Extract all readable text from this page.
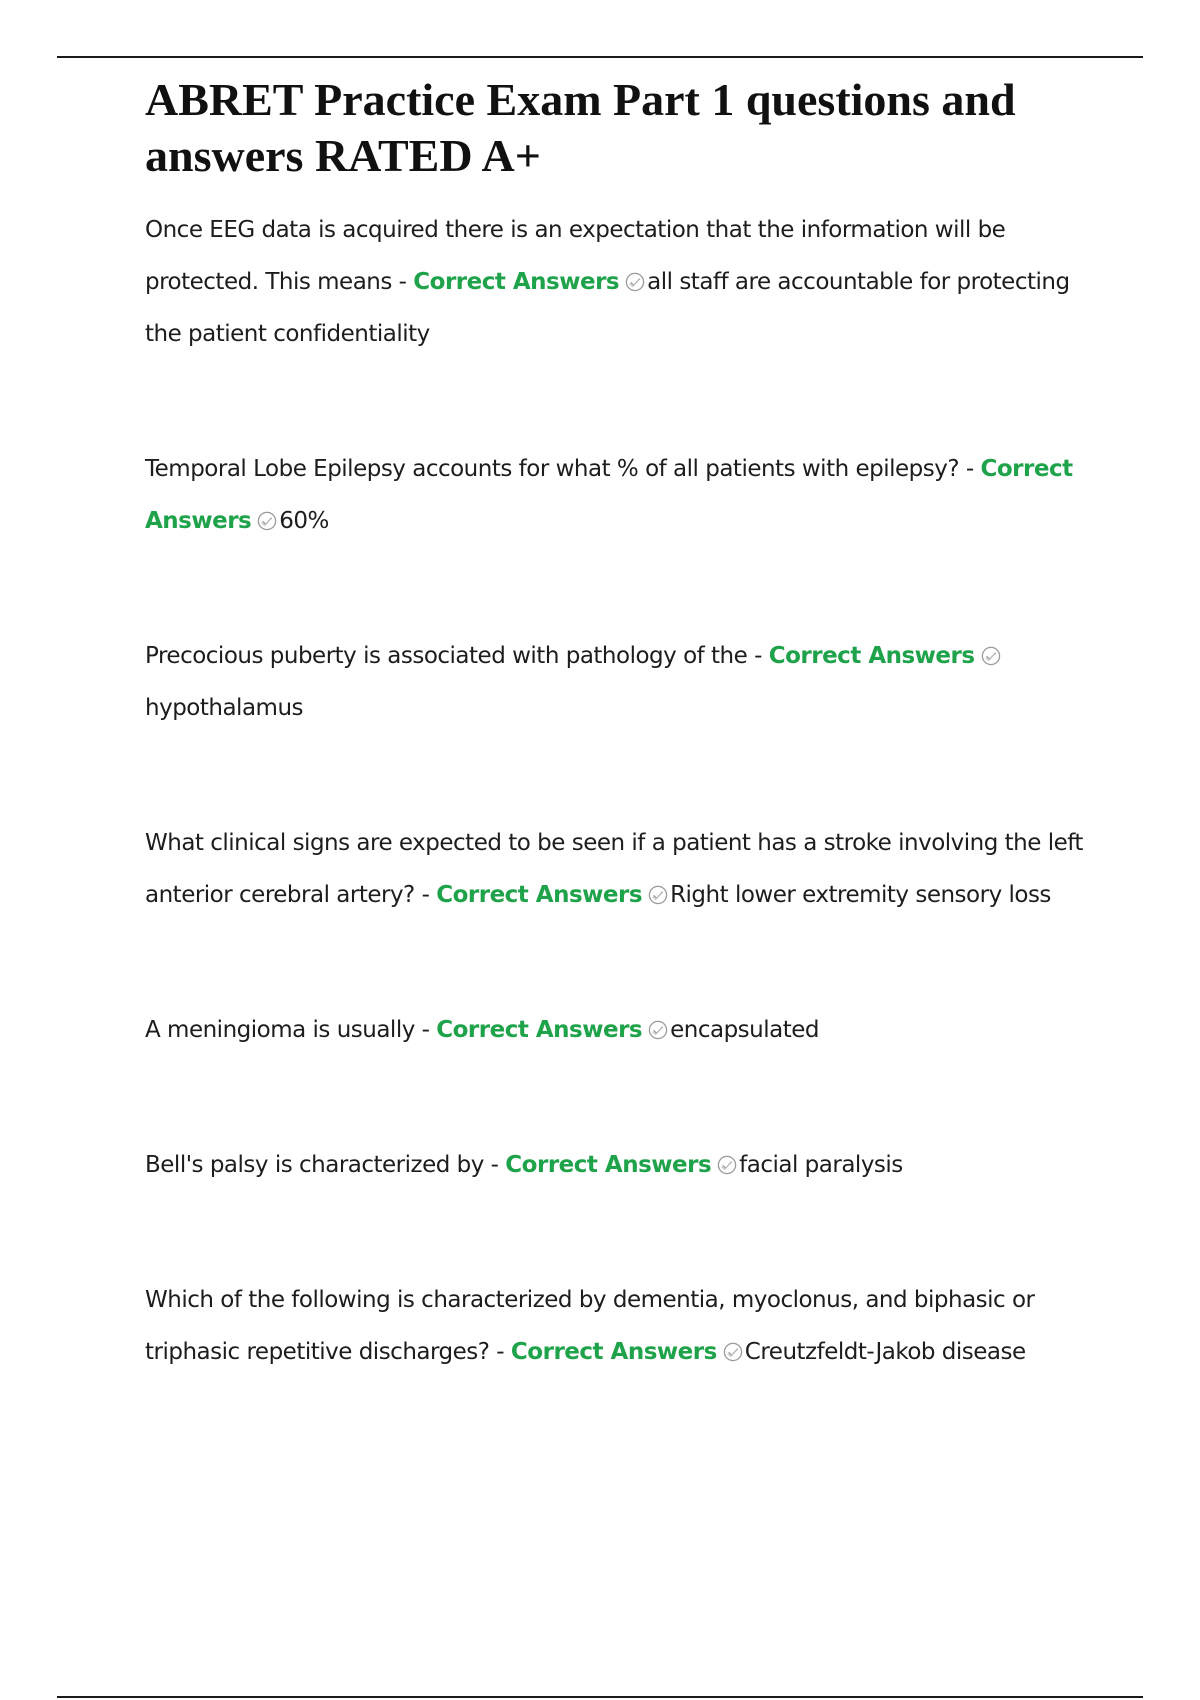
ABRET Practice Exam Part 1 questions and answers RATED A+
Once EEG data is acquired there is an expectation that the information will be protected. This means - Correct Answers all staff are accountable for protecting the patient confidentiality
Temporal Lobe Epilepsy accounts for what % of all patients with epilepsy? - Correct Answers 60%
Precocious puberty is associated with pathology of the - Correct Answers
hypothalamus
What clinical signs are expected to be seen if a patient has a stroke involving the left anterior cerebral artery? - Correct Answers Right lower extremity sensory loss
A meningioma is usually - Correct Answers encapsulated
Bell's palsy is characterized by - Correct Answers facial paralysis
Which of the following is characterized by dementia, myoclonus, and biphasic or triphasic repetitive discharges? - Correct Answers Creutzfeldt-Jakob disease
